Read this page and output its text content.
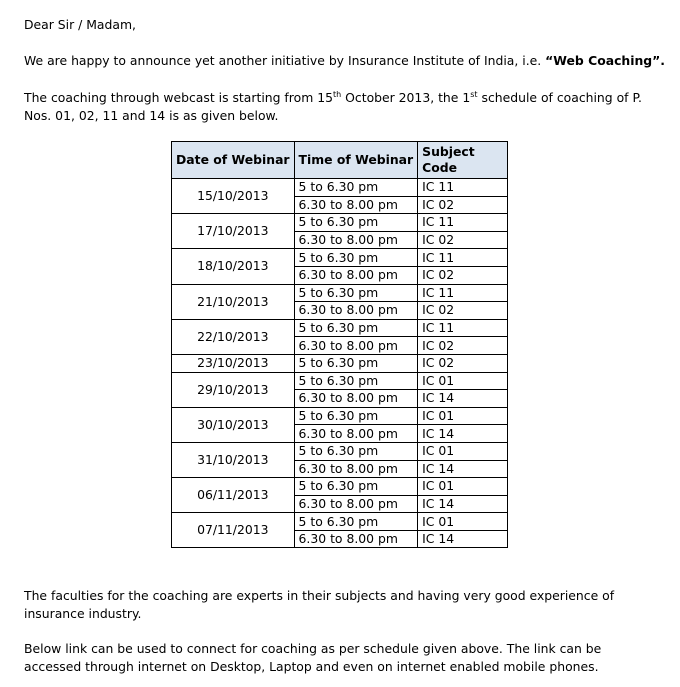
Dear Sir / Madam,

We are happy to announce yet another initiative by Insurance Institute of India, i.e. “Web Coaching”.

The coaching through webcast is starting from 15th October 2013, the 1st schedule of coaching of P. Nos. 01, 02, 11 and 14 is as given below.

Date of Webinar	Time of Webinar	Subject Code
15/10/2013	5 to 6.30 pm	IC 11
	6.30 to 8.00 pm	IC 02
17/10/2013	5 to 6.30 pm	IC 11
	6.30 to 8.00 pm	IC 02
18/10/2013	5 to 6.30 pm	IC 11
	6.30 to 8.00 pm	IC 02
21/10/2013	5 to 6.30 pm	IC 11
	6.30 to 8.00 pm	IC 02
22/10/2013	5 to 6.30 pm	IC 11
	6.30 to 8.00 pm	IC 02
23/10/2013	5 to 6.30 pm	IC 02
29/10/2013	5 to 6.30 pm	IC 01
	6.30 to 8.00 pm	IC 14
30/10/2013	5 to 6.30 pm	IC 01
	6.30 to 8.00 pm	IC 14
31/10/2013	5 to 6.30 pm	IC 01
	6.30 to 8.00 pm	IC 14
06/11/2013	5 to 6.30 pm	IC 01
	6.30 to 8.00 pm	IC 14
07/11/2013	5 to 6.30 pm	IC 01
	6.30 to 8.00 pm	IC 14

The faculties for the coaching are experts in their subjects and having very good experience of insurance industry.

Below link can be used to connect for coaching as per schedule given above. The link can be accessed through internet on Desktop, Laptop and even on internet enabled mobile phones.
